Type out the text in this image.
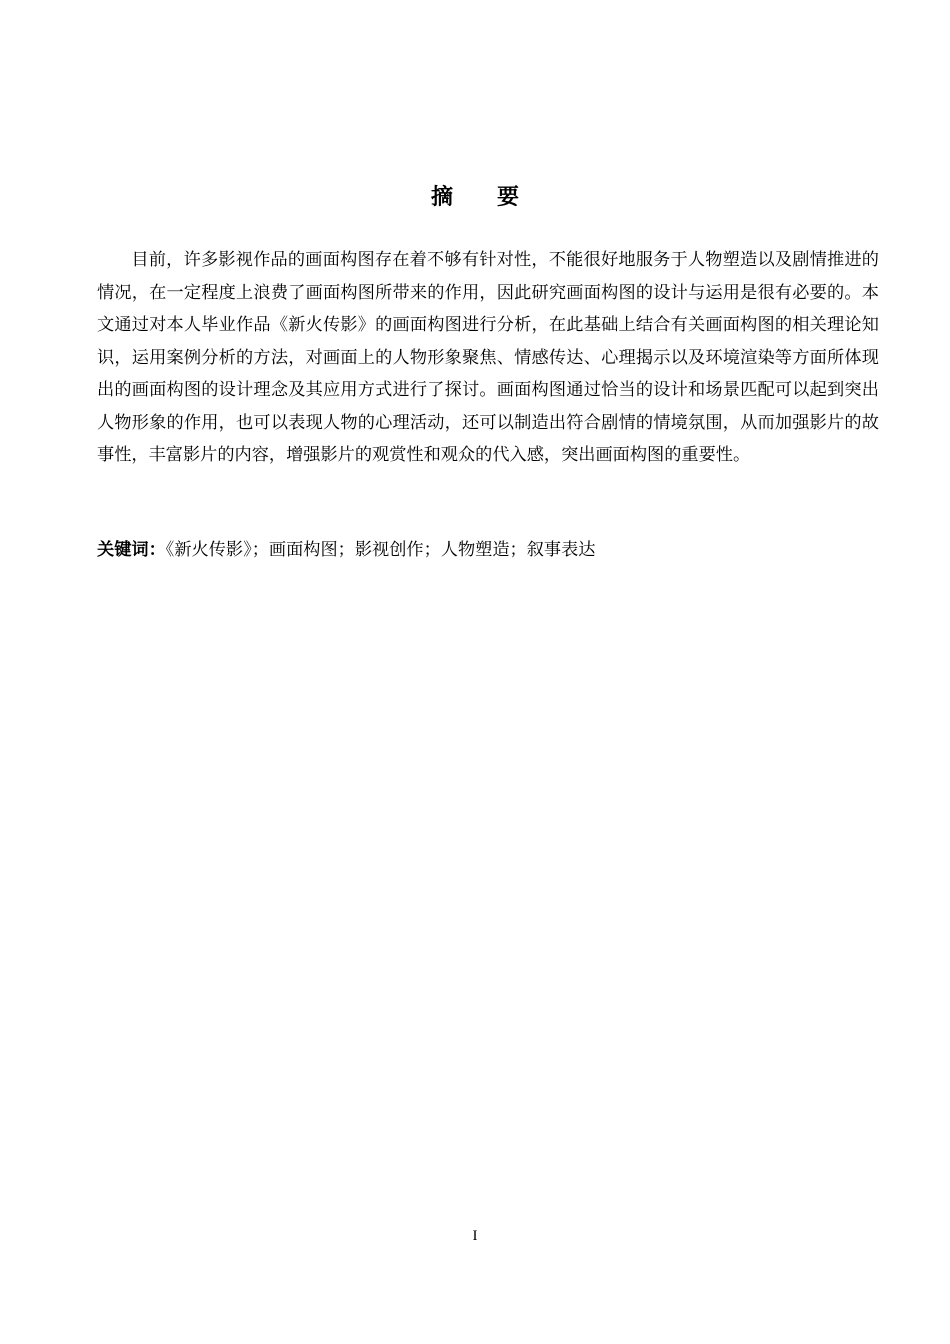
摘 要

目前，许多影视作品的画面构图存在着不够有针对性，不能很好地服务于人物塑造以及剧情推进的情况，在一定程度上浪费了画面构图所带来的作用，因此研究画面构图的设计与运用是很有必要的。本文通过对本人毕业作品《新火传影》的画面构图进行分析，在此基础上结合有关画面构图的相关理论知识，运用案例分析的方法，对画面上的人物形象聚焦、情感传达、心理揭示以及环境渲染等方面所体现出的画面构图的设计理念及其应用方式进行了探讨。画面构图通过恰当的设计和场景匹配可以起到突出人物形象的作用，也可以表现人物的心理活动，还可以制造出符合剧情的情境氛围，从而加强影片的故事性，丰富影片的内容，增强影片的观赏性和观众的代入感，突出画面构图的重要性。

关键词：《新火传影》；画面构图；影视创作；人物塑造；叙事表达

I
